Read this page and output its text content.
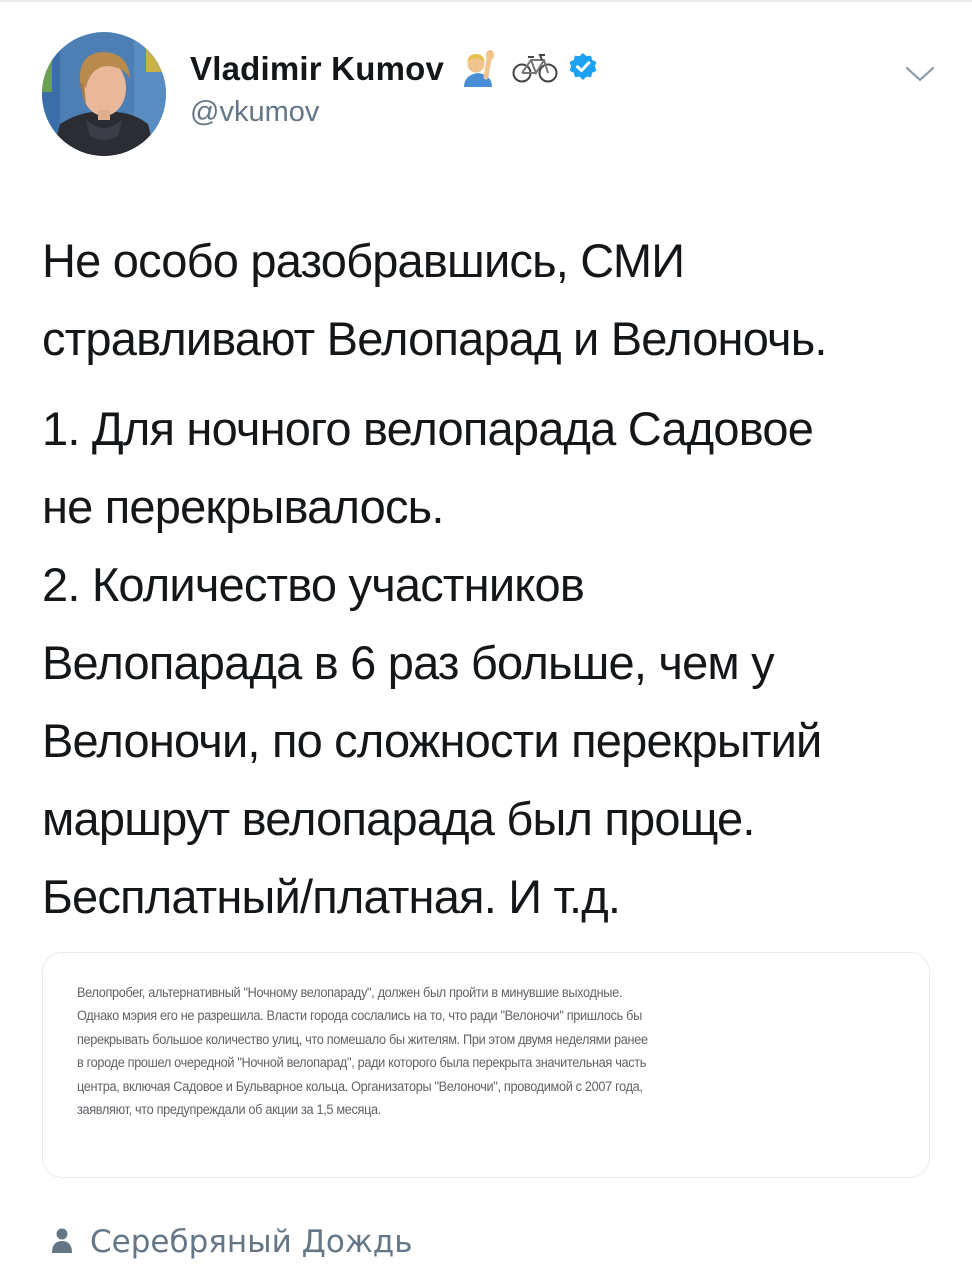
Vladimir Kumov
@vkumov

Не особо разобравшись, СМИ
стравливают Велопарад и Велоночь.

1. Для ночного велопарада Садовое
не перекрывалось.
2. Количество участников
Велопарада в 6 раз больше, чем у
Велоночи, по сложности перекрытий
маршрут велопарада был проще.
Бесплатный/платная. И т.д.

Велопробег, альтернативный "Ночному велопараду", должен был пройти в минувшие выходные.

Однако мэрия его не разрешила. Власти города сослались на то, что ради "Велоночи" пришлось бы

перекрывать большое количество улиц, что помешало бы жителям. При этом двумя неделями ранее

в городе прошел очередной "Ночной велопарад", ради которого была перекрыта значительная часть

центра, включая Садовое и Бульварное кольца. Организаторы "Велоночи", проводимой с 2007 года,

заявляют, что предупреждали об акции за 1,5 месяца.

Серебряный Дождь
